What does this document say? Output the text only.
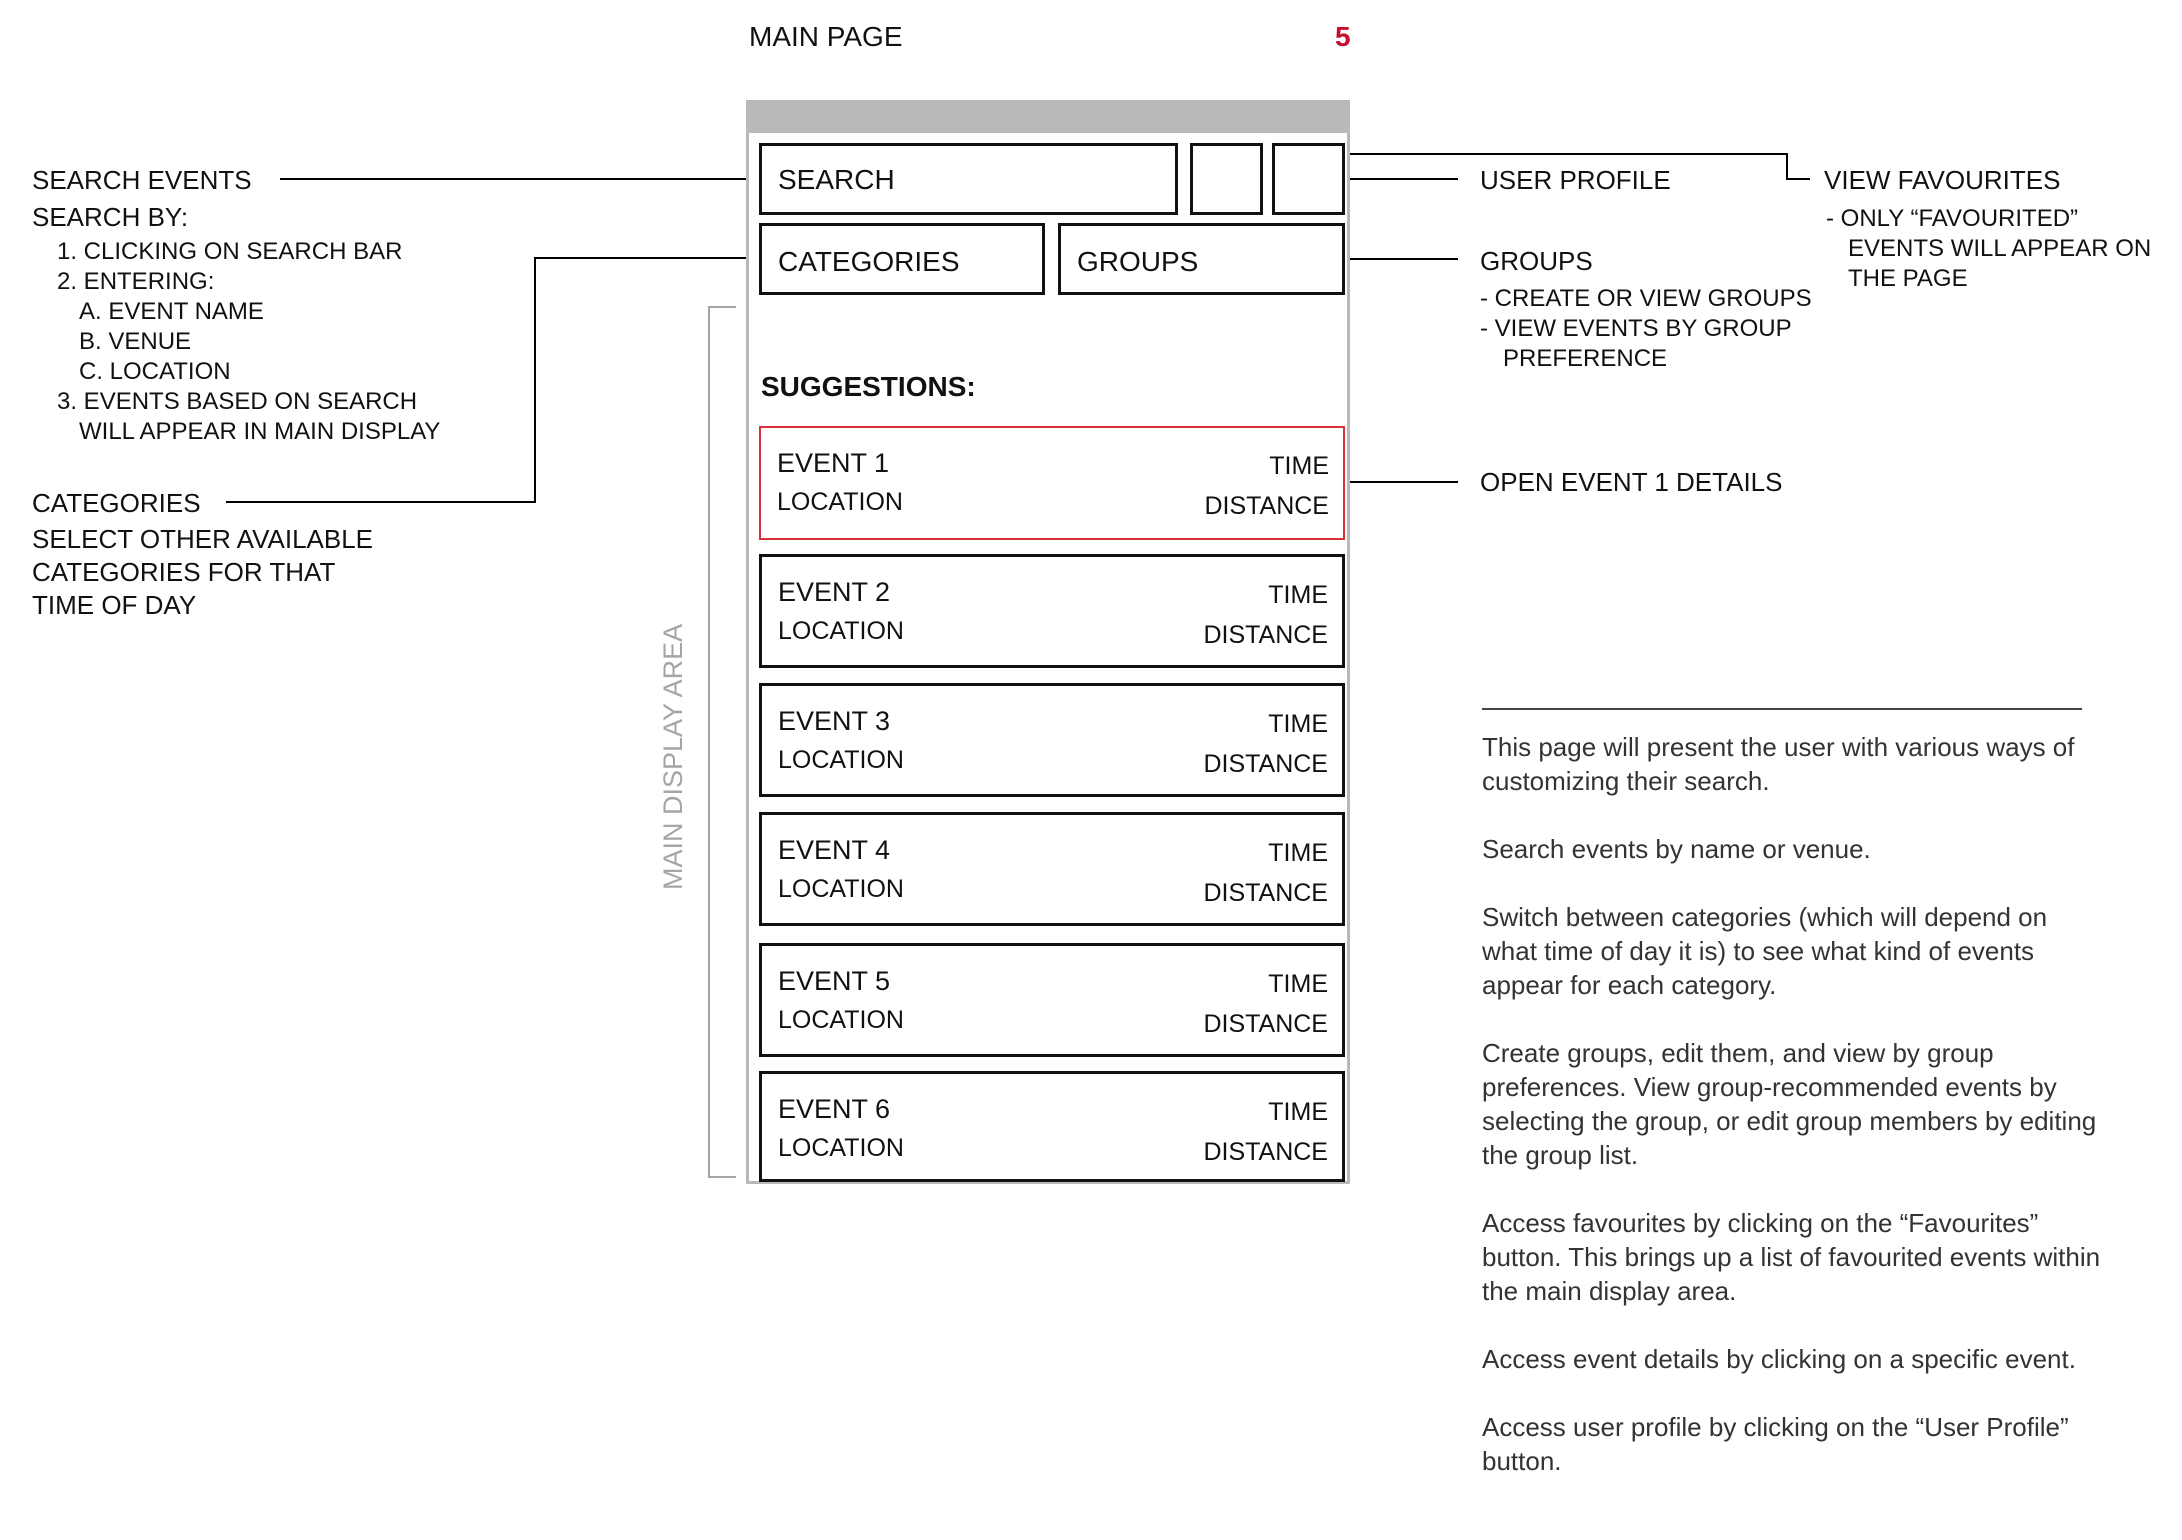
MAIN PAGE	5
SEARCH EVENTS
SEARCH BY:
1. CLICKING ON SEARCH BAR
2. ENTERING:
A. EVENT NAME
B. VENUE
C. LOCATION
3. EVENTS BASED ON SEARCH
WILL APPEAR IN MAIN DISPLAY
CATEGORIES
SELECT OTHER AVAILABLE
CATEGORIES FOR THAT
TIME OF DAY
MAIN DISPLAY AREA
SEARCH
CATEGORIES	GROUPS
SUGGESTIONS:
EVENT 1
LOCATION
TIME
DISTANCE
EVENT 2
LOCATION
TIME
DISTANCE
EVENT 3
LOCATION
TIME
DISTANCE
EVENT 4
LOCATION
TIME
DISTANCE
EVENT 5
LOCATION
TIME
DISTANCE
EVENT 6
LOCATION
TIME
DISTANCE
USER PROFILE	VIEW FAVOURITES
- ONLY “FAVOURITED”
EVENTS WILL APPEAR ON
THE PAGE
GROUPS
- CREATE OR VIEW GROUPS
- VIEW EVENTS BY GROUP
PREFERENCE
OPEN EVENT 1 DETAILS

This page will present the user with various ways of customizing their search.

Search events by name or venue.

Switch between categories (which will depend on what time of day it is) to see what kind of events appear for each category.

Create groups, edit them, and view by group preferences. View group-recommended events by selecting the group, or edit group members by editing the group list.

Access favourites by clicking on the “Favourites” button. This brings up a list of favourited events within the main display area.

Access event details by clicking on a specific event.

Access user profile by clicking on the “User Profile” button.
